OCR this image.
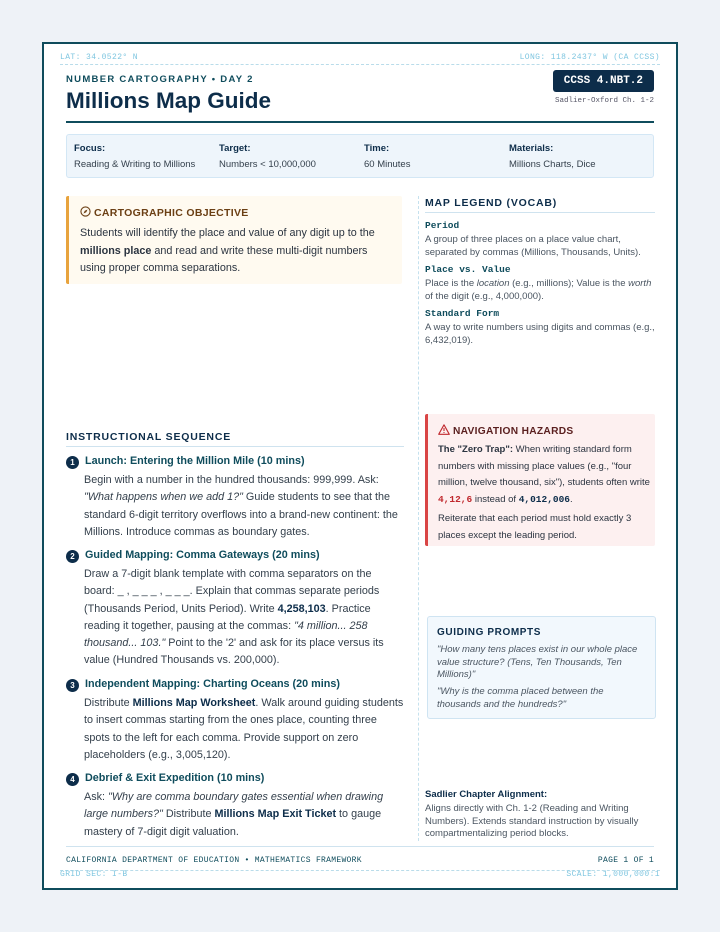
LAT: 34.0522° N	LONG: 118.2437° W (CA CCSS)
NUMBER CARTOGRAPHY • DAY 2
Millions Map Guide
CCSS 4.NBT.2
Sadlier-Oxford Ch. 1-2
Focus:
Reading & Writing to Millions
Target:
Numbers < 10,000,000
Time:
60 Minutes
Materials:
Millions Charts, Dice
CARTOGRAPHIC OBJECTIVE
Students will identify the place and value of any digit up to the millions place and read and write these multi-digit numbers using proper comma separations.
MAP LEGEND (VOCAB)
Period
A group of three places on a place value chart, separated by commas (Millions, Thousands, Units).
Place vs. Value
Place is the location (e.g., millions); Value is the worth of the digit (e.g., 4,000,000).
Standard Form
A way to write numbers using digits and commas (e.g., 6,432,019).
NAVIGATION HAZARDS
The "Zero Trap": When writing standard form numbers with missing place values (e.g., "four million, twelve thousand, six"), students often write 4,12,6 instead of 4,012,006.
Reiterate that each period must hold exactly 3 places except the leading period.
INSTRUCTIONAL SEQUENCE
1 Launch: Entering the Million Mile (10 mins)
Begin with a number in the hundred thousands: 999,999. Ask: "What happens when we add 1?" Guide students to see that the standard 6-digit territory overflows into a brand-new continent: the Millions. Introduce commas as boundary gates.
2 Guided Mapping: Comma Gateways (20 mins)
Draw a 7-digit blank template with comma separators on the board: _ , _ _ _ , _ _ _. Explain that commas separate periods (Thousands Period, Units Period). Write 4,258,103. Practice reading it together, pausing at the commas: "4 million... 258 thousand... 103." Point to the '2' and ask for its place versus its value (Hundred Thousands vs. 200,000).
3 Independent Mapping: Charting Oceans (20 mins)
Distribute Millions Map Worksheet. Walk around guiding students to insert commas starting from the ones place, counting three spots to the left for each comma. Provide support on zero placeholders (e.g., 3,005,120).
4 Debrief & Exit Expedition (10 mins)
Ask: "Why are comma boundary gates essential when drawing large numbers?" Distribute Millions Map Exit Ticket to gauge mastery of 7-digit digit valuation.
GUIDING PROMPTS
"How many tens places exist in our whole place value structure? (Tens, Ten Thousands, Ten Millions)"
"Why is the comma placed between the thousands and the hundreds?"
Sadlier Chapter Alignment:
Aligns directly with Ch. 1-2 (Reading and Writing Numbers). Extends standard instruction by visually compartmentalizing period blocks.
CALIFORNIA DEPARTMENT OF EDUCATION • MATHEMATICS FRAMEWORK	PAGE 1 OF 1
GRID SEC: I-B	SCALE: 1,000,000:1
